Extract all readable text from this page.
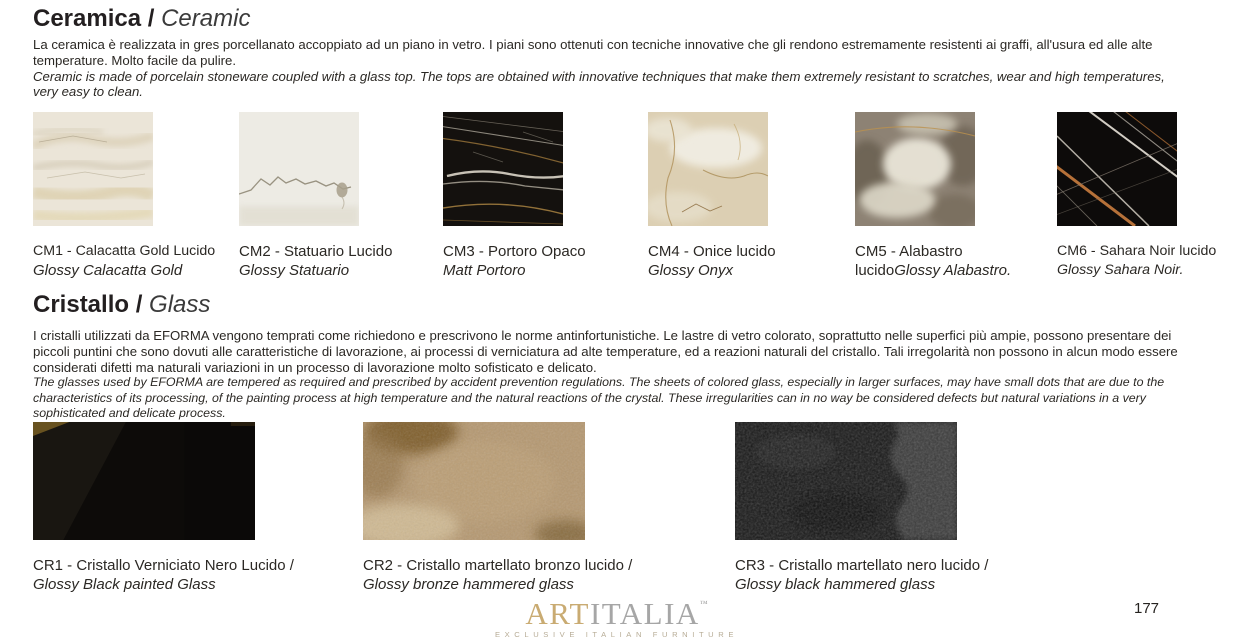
Ceramica / Ceramic
La ceramica è realizzata in gres porcellanato accoppiato ad un piano in vetro. I piani sono ottenuti con tecniche innovative che gli rendono estremamente resistenti ai graffi, all'usura ed alle alte temperature. Molto facile da pulire.
Ceramic is made of porcelain stoneware coupled with a glass top. The tops are obtained with innovative techniques that make them extremely resistant to scratches, wear and high temperatures, very easy to clean.
CM1 - Calacatta Gold Lucido
Glossy Calacatta Gold
CM2 - Statuario Lucido
Glossy Statuario
CM3 - Portoro Opaco
Matt Portoro
CM4 - Onice lucido
Glossy Onyx
CM5 - Alabastro
lucidoGlossy Alabastro.
CM6 - Sahara Noir lucido
Glossy Sahara Noir.
Cristallo / Glass
I cristalli utilizzati da EFORMA vengono temprati come richiedono e prescrivono le norme antinfortunistiche. Le lastre di vetro colorato, soprattutto nelle superfici più ampie, possono presentare dei piccoli puntini che sono dovuti alle caratteristiche di lavorazione, ai processi di verniciatura ad alte temperature, ed a reazioni naturali del cristallo. Tali irregolarità non possono in alcun modo essere considerati difetti ma naturali variazioni in un processo di lavorazione molto sofisticato e delicato.
The glasses used by EFORMA are tempered as required and prescribed by accident prevention regulations. The sheets of colored glass, especially in larger surfaces, may have small dots that are due to the characteristics of its processing, of the painting process at high temperature and the natural reactions of the crystal. These irregularities can in no way be considered defects but natural variations in a very sophisticated and delicate process.
CR1 - Cristallo Verniciato Nero Lucido /
Glossy Black painted Glass
CR2 - Cristallo martellato bronzo lucido /
Glossy bronze hammered glass
CR3 - Cristallo martellato nero lucido /
Glossy black hammered glass
ARTITALIA™
EXCLUSIVE ITALIAN FURNITURE
177
